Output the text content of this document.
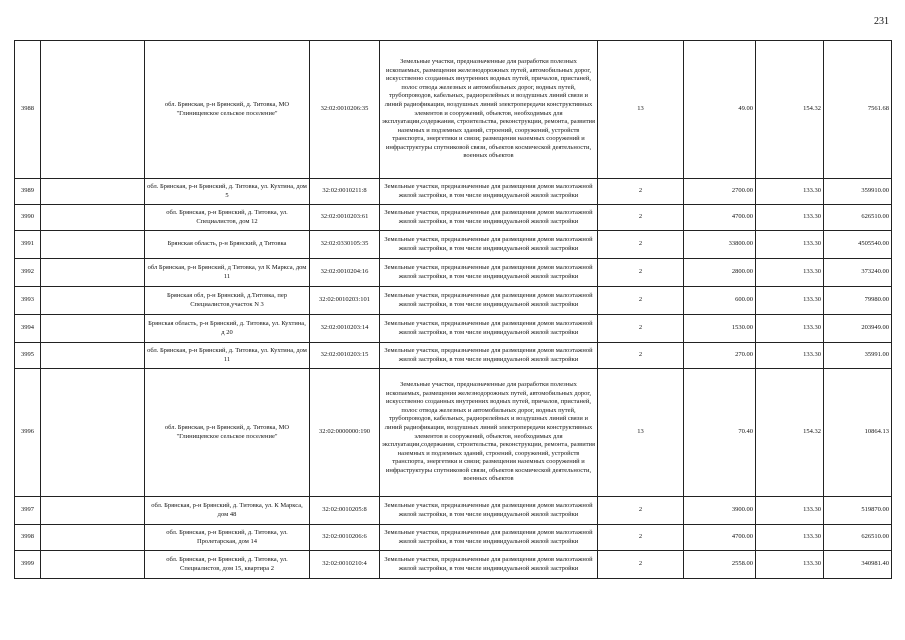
231
3988		обл. Брянская, р-н Брянский, д. Титовка, МО "Глинищевское сельское поселение"	32:02:0010206:35	Земельные участки, предназначенные для разработки полезных ископаемых, размещения железнодорожных путей, автомобильных дорог, искусственно созданных внутренних водных путей, причалов, пристаней, полос отвода железных и автомобильных дорог, водных путей, трубопроводов, кабельных, радиорелейных и воздушных линий связи и линий радиофикации, воздушных линий электропередачи конструктивных элементов и сооружений, объектов, необходимых для эксплуатации,содержания, строительства, реконструкции, ремонта, развития наземных и подземных зданий, строений, сооружений, устройств транспорта, энергетики и связи; размещения наземных сооружений и инфраструктуры спутниковой связи, объектов космической деятельности, военных объектов	13	49.00	154.32	7561.68
3989		обл. Брянская, р-н Брянский, д. Титовка, ул. Кухтина, дом 5	32:02:0010211:8	Земельные участки, предназначенные для размещения домов малоэтажной жилой застройки, в том числе индивидуальной жилой застройки	2	2700.00	133.30	359910.00
3990		обл. Брянская, р-н Брянский, д. Титовка, ул. Специалистов, дом 12	32:02:0010203:61	Земельные участки, предназначенные для размещения домов малоэтажной жилой застройки, в том числе индивидуальной жилой застройки	2	4700.00	133.30	626510.00
3991		Брянская область, р-н Брянский, д Титовка	32:02:0330105:35	Земельные участки, предназначенные для размещения домов малоэтажной жилой застройки, в том числе индивидуальной жилой застройки	2	33800.00	133.30	4505540.00
3992		обл Брянская, р-н Брянский, д Титовка, ул К Маркса, дом 11	32:02:0010204:16	Земельные участки, предназначенные для размещения домов малоэтажной жилой застройки, в том числе индивидуальной жилой застройки	2	2800.00	133.30	373240.00
3993		Брянская обл, р-н Брянский, д.Титовка, пер Специалистов,участок N 3	32:02:0010203:101	Земельные участки, предназначенные для размещения домов малоэтажной жилой застройки, в том числе индивидуальной жилой застройки	2	600.00	133.30	79980.00
3994		Брянская область, р-н Брянский, д. Титовка, ул. Кухтина, д 20	32:02:0010203:14	Земельные участки, предназначенные для размещения домов малоэтажной жилой застройки, в том числе индивидуальной жилой застройки	2	1530.00	133.30	203949.00
3995		обл. Брянская, р-н Брянский, д. Титовка, ул. Кухтина, дом 11	32:02:0010203:15	Земельные участки, предназначенные для размещения домов малоэтажной жилой застройки, в том числе индивидуальной жилой застройки	2	270.00	133.30	35991.00
3996		обл. Брянская, р-н Брянский, д. Титовка, МО "Глинищевское сельское поселение"	32:02:0000000:190	Земельные участки, предназначенные для разработки полезных ископаемых, размещения железнодорожных путей, автомобильных дорог, искусственно созданных внутренних водных путей, причалов, пристаней, полос отвода железных и автомобильных дорог, водных путей, трубопроводов, кабельных, радиорелейных и воздушных линий связи и линий радиофикации, воздушных линий электропередачи конструктивных элементов и сооружений, объектов, необходимых для эксплуатации,содержания, строительства, реконструкции, ремонта, развития наземных и подземных зданий, строений, сооружений, устройств транспорта, энергетики и связи; размещения наземных сооружений и инфраструктуры спутниковой связи, объектов космической деятельности, военных объектов	13	70.40	154.32	10864.13
3997		обл. Брянская, р-н Брянский, д. Титовка, ул. К Маркса, дом 48	32:02:0010205:8	Земельные участки, предназначенные для размещения домов малоэтажной жилой застройки, в том числе индивидуальной жилой застройки	2	3900.00	133.30	519870.00
3998		обл. Брянская, р-н Брянский, д. Титовка, ул. Пролетарская, дом 14	32:02:0010206:6	Земельные участки, предназначенные для размещения домов малоэтажной жилой застройки, в том числе индивидуальной жилой застройки	2	4700.00	133.30	626510.00
3999		обл. Брянская, р-н Брянский, д. Титовка, ул. Специалистов, дом 15, квартира 2	32:02:0010210:4	Земельные участки, предназначенные для размещения домов малоэтажной жилой застройки, в том числе индивидуальной жилой застройки	2	2558.00	133.30	340981.40
